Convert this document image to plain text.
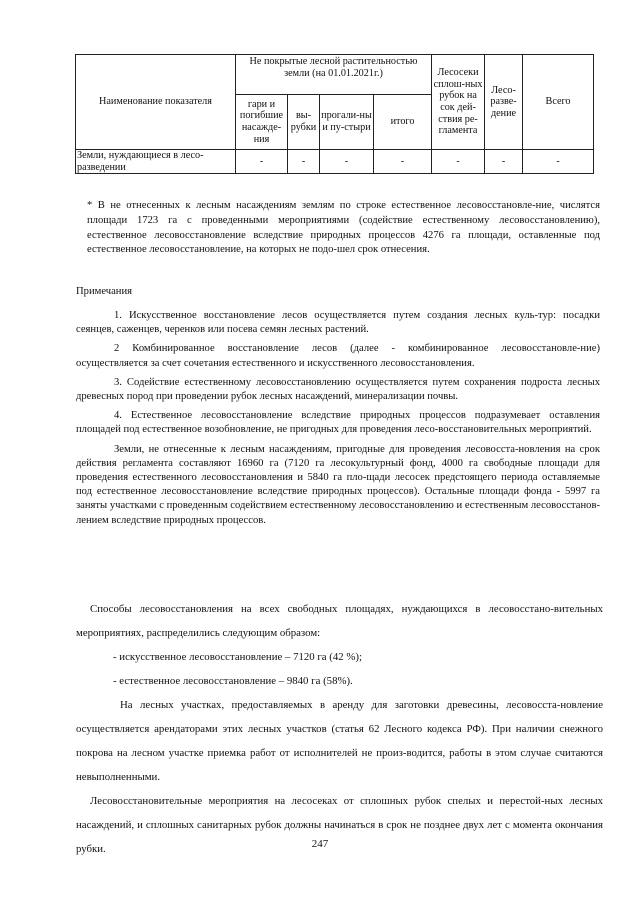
Наименование показателя	Не покрытые лесной растительностью земли (на 01.01.2021г.)				Лесосеки сплош-ных рубок на сок дей-ствия ре-гламента	Лесо-разве-дение	Всего
	гари и погибшие насажде-ния	вы-рубки	прогали-ны и пу-стыри	итого			
Земли, нуждающиеся в лесо-разведении	-	-	-	-	-	-	-
* В не отнесенных к лесным насаждениям землям по строке естественное лесовосстановле-ние, числятся площади 1723 га с проведенными мероприятиями (содействие естественному лесовосстановлению), естественное лесовосстановление вследствие природных процессов 4276 га площади, оставленные под естественное лесовосстановление, на которых не подо-шел срок отнесения.
Примечания

1. Искусственное восстановление лесов осуществляется путем создания лесных куль-тур: посадки сеянцев, саженцев, черенков или посева семян лесных растений.

2 Комбинированное восстановление лесов (далее - комбинированное лесовосстановле-ние) осуществляется за счет сочетания естественного и искусственного лесовосстановления.

3. Содействие естественному лесовосстановлению осуществляется путем сохранения подроста лесных древесных пород при проведении рубок лесных насаждений, минерализации почвы.

4. Естественное лесовосстановление вследствие природных процессов подразумевает оставления площадей под естественное возобновление, не пригодных для проведения лесо-восстановительных мероприятий.

Земли, не отнесенные к лесным насаждениям, пригодные для проведения лесовосста-новления на срок действия регламента составляют 16960 га (7120 га лесокультурный фонд, 4000 га свободные площади для проведения естественного лесовосстановления и 5840 га пло-щади лесосек предстоящего периода оставляемые под естественное лесовосстановление вследствие природных процессов). Остальные площади фонда - 5997 га заняты участками с проведенным содействием естественному лесовосстановлению и естественным лесовосстанов-лением вследствие природных процессов.

Способы лесовосстановления на всех свободных площадях, нуждающихся в лесовосстано-вительных мероприятиях, распределились следующим образом:

- искусственное лесовосстановление – 7120 га (42 %);

- естественное лесовосстановление – 9840 га (58%).

На лесных участках, предоставляемых в аренду для заготовки древесины, лесовосста-новление осуществляется арендаторами этих лесных участков (статья 62 Лесного кодекса РФ). При наличии снежного покрова на лесном участке приемка работ от исполнителей не произ-водится, работы в этом случае считаются невыполненными.

Лесовосстановительные мероприятия на лесосеках от сплошных рубок спелых и перестой-ных лесных насаждений, и сплошных санитарных рубок должны начинаться в срок не позднее двух лет с момента окончания рубки.	247
